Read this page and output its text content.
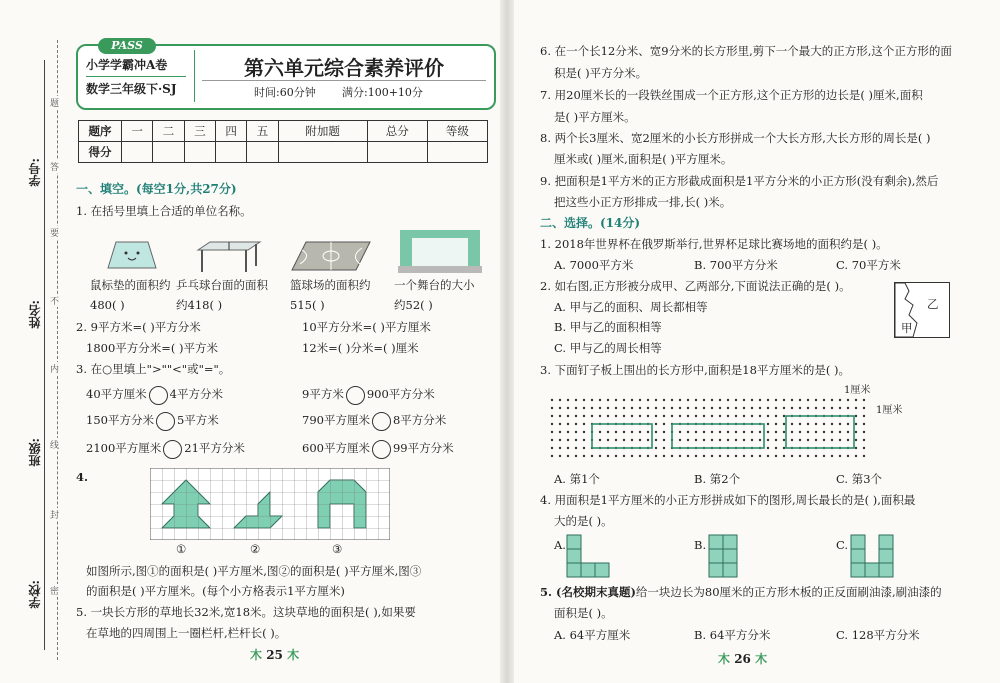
学校:
班级:
姓名:
学号:
题
答
要
不
内
线
封
密
PASS
小学学霸冲A卷
数学三年级下·SJ
第六单元综合素养评价
时间:60分钟 满分:100+10分
题序	一	二	三	四	五	附加题	总分	等级
得分								
一、填空。(每空1分,共27分)
1. 在括号里填上合适的单位名称。
鼠标垫的面积约
480( )
乒乓球台面的面积
约418( )
篮球场的面积约
515( )
一个舞台的大小
约52( )
2. 9平方米=( )平方分米	10平方分米=( )平方厘米
1800平方分米=( )平方米	12米=( )分米=( )厘米
3. 在○里填上">""<"或"="。
40平方厘米 4平方分米	9平方米 900平方分米
150平方分米 5平方米	790平方厘米 8平方分米
2100平方厘米 21平方分米	600平方厘米 99平方分米
4.
①	②	③
如图所示,图①的面积是( )平方厘米,图②的面积是( )平方厘米,图③
的面积是( )平方厘米。(每个小方格表示1平方厘米)
5. 一块长方形的草地长32米,宽18米。这块草地的面积是( ),如果要
在草地的四周围上一圈栏杆,栏杆长( )。
⽊ 25 ⽊
6. 在一个长12分米、宽9分米的长方形里,剪下一个最大的正方形,这个正方形的面
积是( )平方分米。
7. 用20厘米长的一段铁丝围成一个正方形,这个正方形的边长是( )厘米,面积
是( )平方厘米。
8. 两个长3厘米、宽2厘米的小长方形拼成一个大长方形,大长方形的周长是( )
厘米或( )厘米,面积是( )平方厘米。
9. 把面积是1平方米的正方形截成面积是1平方分米的小正方形(没有剩余),然后
把这些小正方形排成一排,长( )米。
二、选择。(14分)
1. 2018年世界杯在俄罗斯举行,世界杯足球比赛场地的面积约是( )。
A. 7000平方米	B. 700平方分米	C. 70平方米
2. 如右图,正方形被分成甲、乙两部分,下面说法正确的是( )。
A. 甲与乙的面积、周长都相等
B. 甲与乙的面积相等
C. 甲与乙的周长相等
乙
甲
3. 下面钉子板上围出的长方形中,面积是18平方厘米的是( )。
1厘米
1厘米
A. 第1个	B. 第2个	C. 第3个
4. 用面积是1平方厘米的小正方形拼成如下的图形,周长最长的是( ),面积最
大的是( )。
A.	B.	C.
5. (名校期末真题)给一块边长为80厘米的正方形木板的正反面刷油漆,刷油漆的
面积是( )。
A. 64平方厘米	B. 64平方分米	C. 128平方分米
⽊ 26 ⽊
